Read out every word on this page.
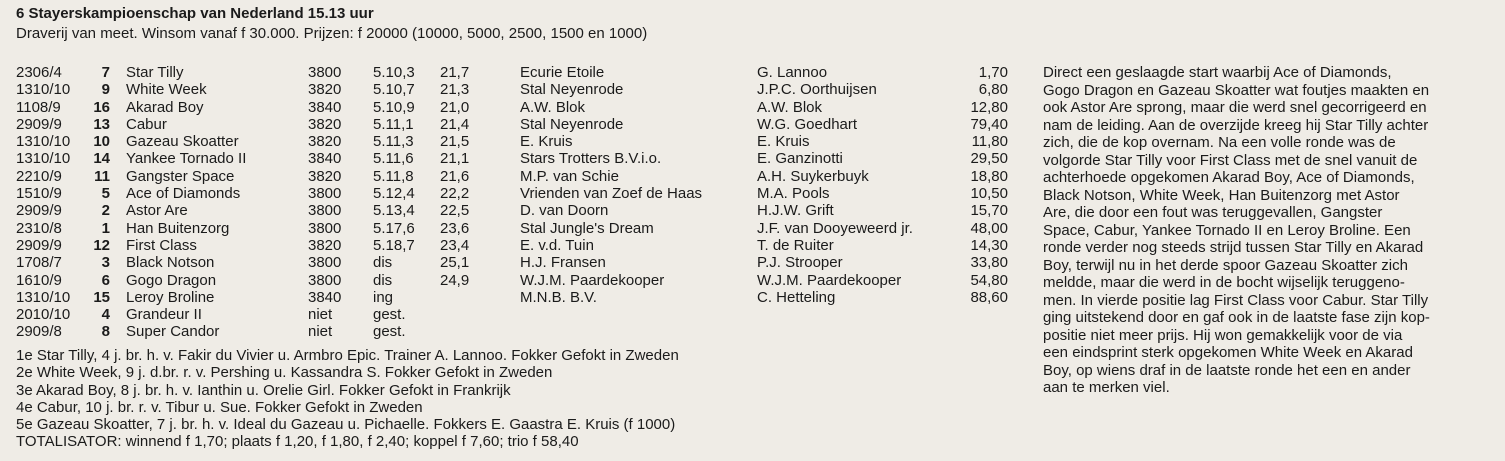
6 Stayerskampioenschap van Nederland 15.13 uur
Draverij van meet. Winsom vanaf f 30.000. Prijzen: f 20000 (10000, 5000, 2500, 1500 en 1000)
2306/4	7 Star Tilly	3800 5.10,3 21,7	Ecurie Etoile	G. Lannoo	1,70
1310/10	9 White Week	3820 5.10,7 21,3	Stal Neyenrode	J.P.C. Oorthuijsen	6,80
1108/9	16 Akarad Boy	3840 5.10,9 21,0	A.W. Blok	A.W. Blok	12,80
2909/9	13 Cabur	3820 5.11,1 21,4	Stal Neyenrode	W.G. Goedhart	79,40
1310/10	10 Gazeau Skoatter	3820 5.11,3 21,5	E. Kruis	E. Kruis	11,80
1310/10	14 Yankee Tornado II	3840 5.11,6 21,1	Stars Trotters B.V.i.o.	E. Ganzinotti	29,50
2210/9	11 Gangster Space	3820 5.11,8 21,6	M.P. van Schie	A.H. Suykerbuyk	18,80
1510/9	5 Ace of Diamonds	3800 5.12,4 22,2	Vrienden van Zoef de Haas	M.A. Pools	10,50
2909/9	2 Astor Are	3800 5.13,4 22,5	D. van Doorn	H.J.W. Grift	15,70
2310/8	1 Han Buitenzorg	3800 5.17,6 23,6	Stal Jungle's Dream	J.F. van Dooyeweerd jr.	48,00
2909/9	12 First Class	3820 5.18,7 23,4	E. v.d. Tuin	T. de Ruiter	14,30
1708/7	3 Black Notson	3800 dis	25,1	H.J. Fransen	P.J. Strooper	33,80
1610/9	6 Gogo Dragon	3800 dis	24,9	W.J.M. Paardekooper	W.J.M. Paardekooper	54,80
1310/10	15 Leroy Broline	3840 ing	M.N.B. B.V.	C. Hetteling	88,60
2010/10	4 Grandeur II	niet	gest.
2909/8	8 Super Candor	niet	gest.
1e Star Tilly, 4 j. br. h. v. Fakir du Vivier u. Armbro Epic. Trainer A. Lannoo. Fokker Gefokt in Zweden
2e White Week, 9 j. d.br. r. v. Pershing u. Kassandra S. Fokker Gefokt in Zweden
3e Akarad Boy, 8 j. br. h. v. Ianthin u. Orelie Girl. Fokker Gefokt in Frankrijk
4e Cabur, 10 j. br. r. v. Tibur u. Sue. Fokker Gefokt in Zweden
5e Gazeau Skoatter, 7 j. br. h. v. Ideal du Gazeau u. Pichaelle. Fokkers E. Gaastra E. Kruis (f 1000)
TOTALISATOR: winnend f 1,70; plaats f 1,20, f 1,80, f 2,40; koppel f 7,60; trio f 58,40
Direct een geslaagde start waarbij Ace of Diamonds,
Gogo Dragon en Gazeau Skoatter wat foutjes maakten en
ook Astor Are sprong, maar die werd snel gecorrigeerd en
nam de leiding. Aan de overzijde kreeg hij Star Tilly achter
zich, die de kop overnam. Na een volle ronde was de
volgorde Star Tilly voor First Class met de snel vanuit de
achterhoede opgekomen Akarad Boy, Ace of Diamonds,
Black Notson, White Week, Han Buitenzorg met Astor
Are, die door een fout was teruggevallen, Gangster
Space, Cabur, Yankee Tornado II en Leroy Broline. Een
ronde verder nog steeds strijd tussen Star Tilly en Akarad
Boy, terwijl nu in het derde spoor Gazeau Skoatter zich
meldde, maar die werd in de bocht wijselijk teruggeno-
men. In vierde positie lag First Class voor Cabur. Star Tilly
ging uitstekend door en gaf ook in de laatste fase zijn kop-
positie niet meer prijs. Hij won gemakkelijk voor de via
een eindsprint sterk opgekomen White Week en Akarad
Boy, op wiens draf in de laatste ronde het een en ander
aan te merken viel.
